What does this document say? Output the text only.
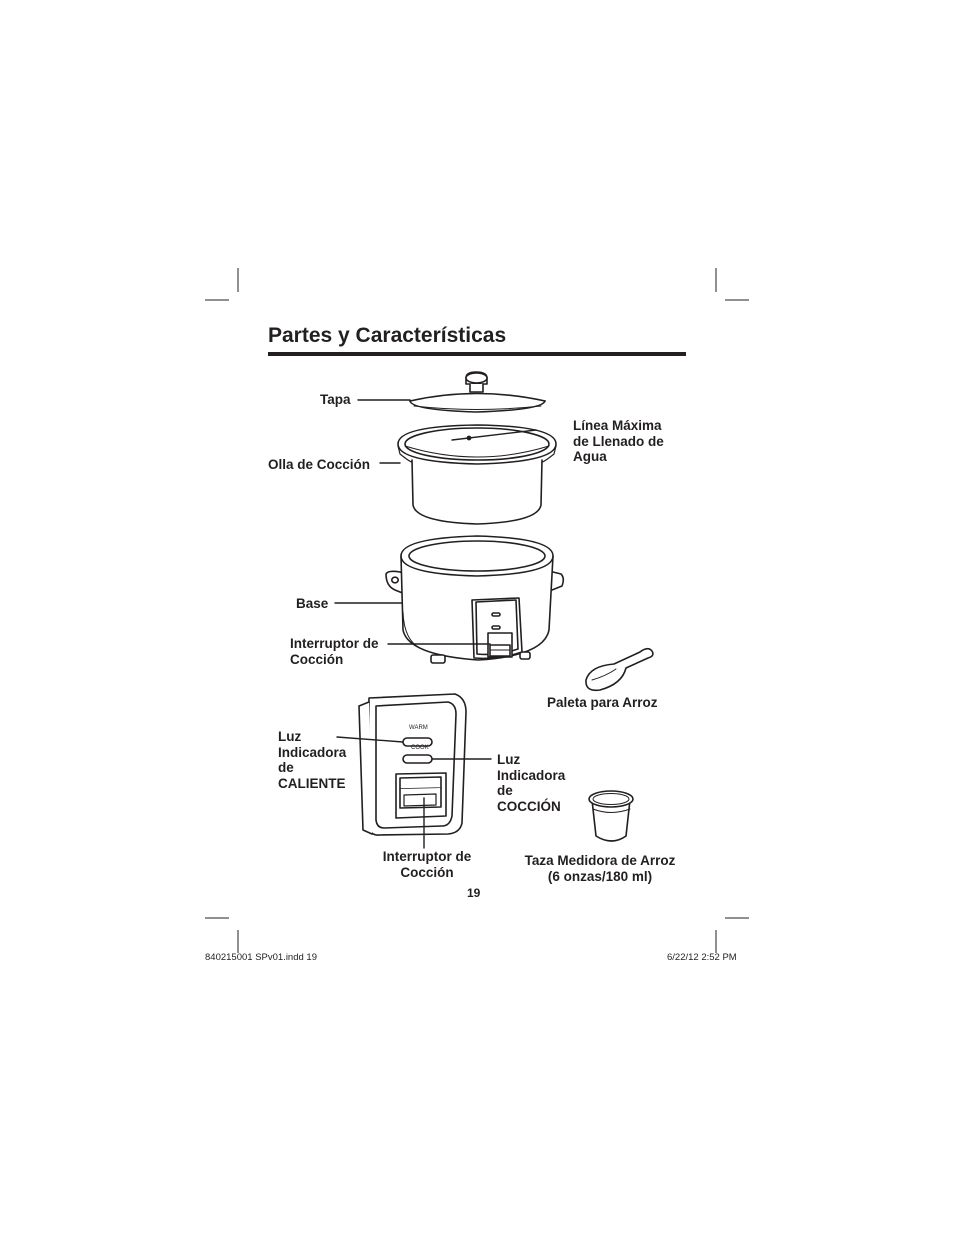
Partes y Características
Tapa
Línea Máxima de Llenado de Agua
Olla de Cocción
Base
Interruptor de Cocción
Paleta para Arroz
Luz Indicadora de CALIENTE
Luz Indicadora de COCCIÓN
Interruptor de Cocción
Taza Medidora de Arroz
(6 onzas/180 ml)
WARM
COOK
19
840215001 SPv01.indd 19	6/22/12 2:52 PM
